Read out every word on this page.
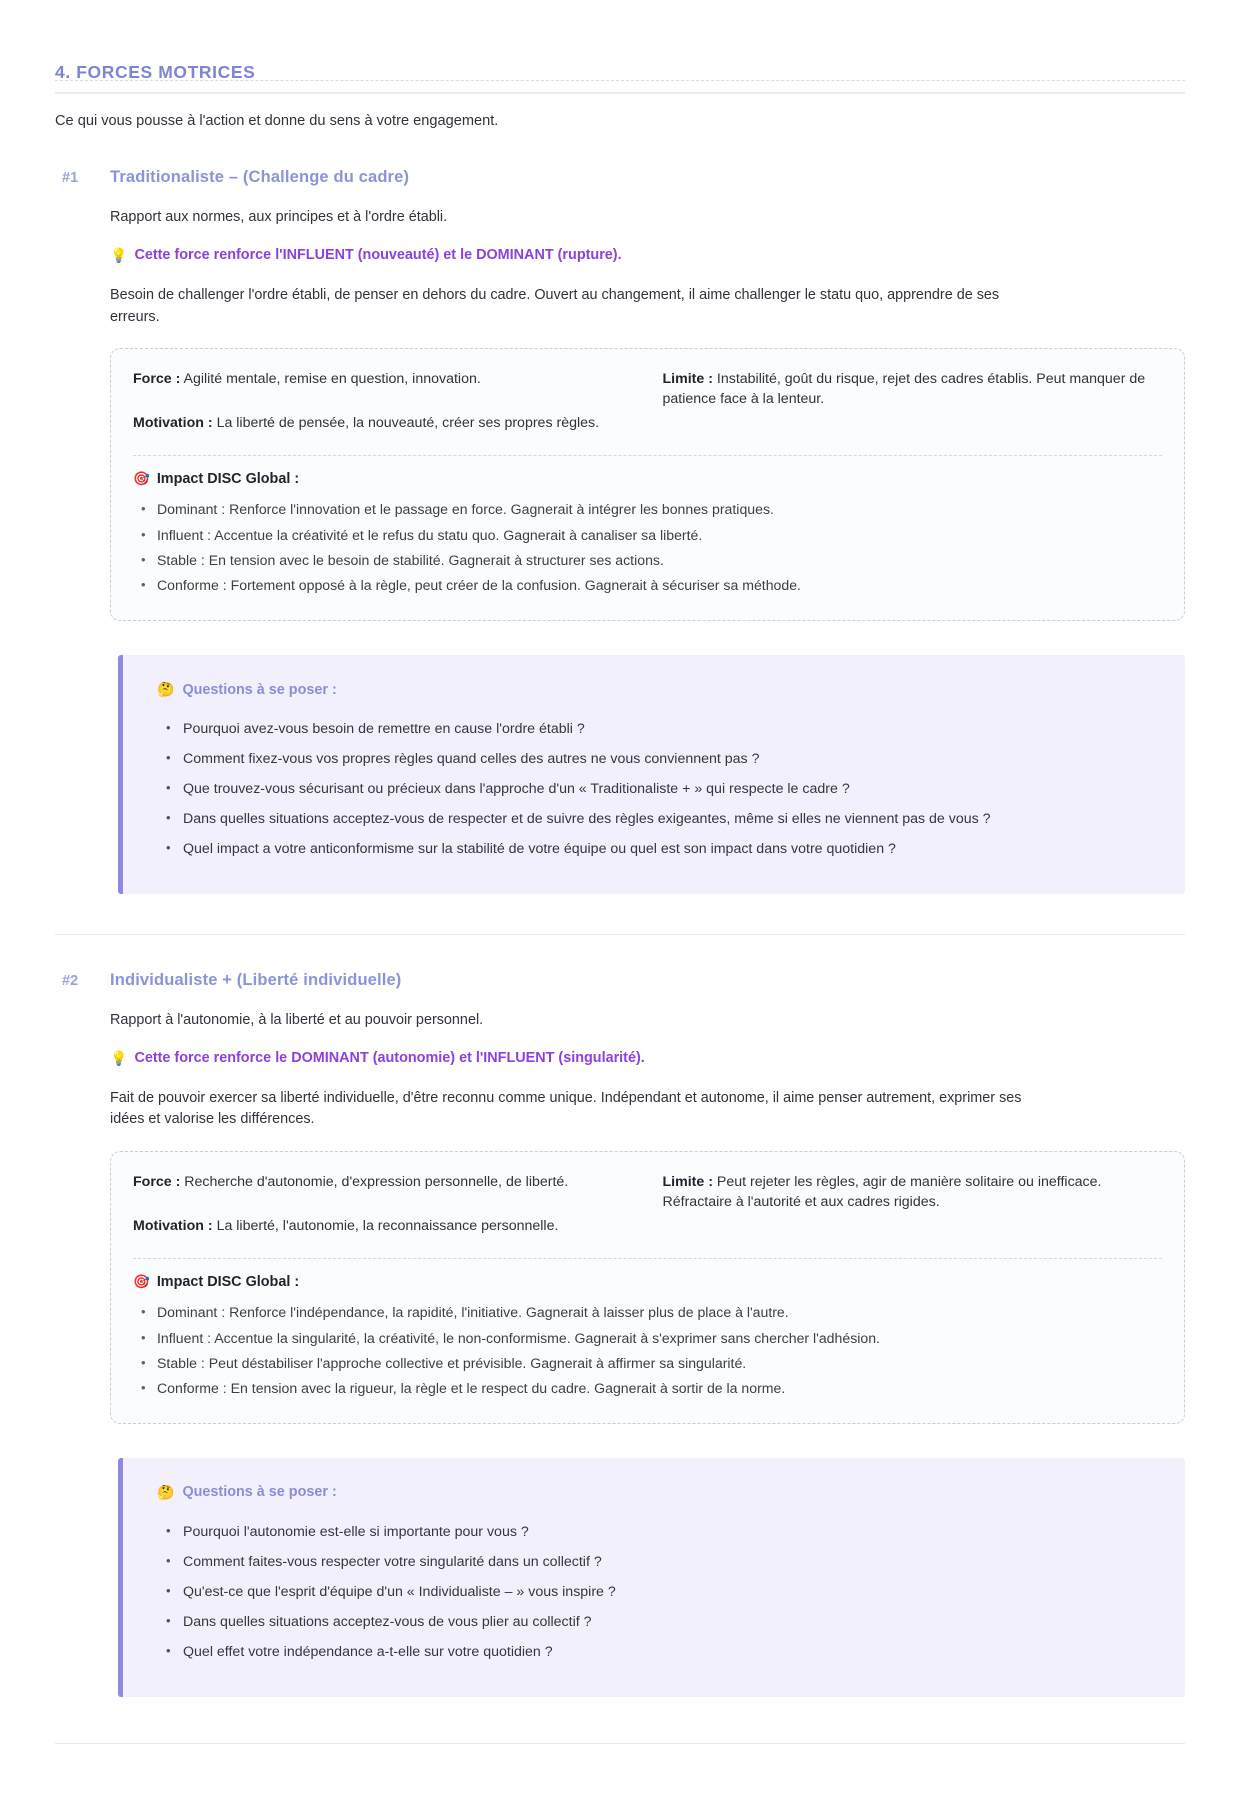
4. FORCES MOTRICES

Ce qui vous pousse à l'action et donne du sens à votre engagement.

#1 Traditionaliste – (Challenge du cadre)

Rapport aux normes, aux principes et à l'ordre établi.

💡 Cette force renforce l'INFLUENT (nouveauté) et le DOMINANT (rupture).

Besoin de challenger l'ordre établi, de penser en dehors du cadre. Ouvert au changement, il aime challenger le statu quo, apprendre de ses erreurs.

Force : Agilité mentale, remise en question, innovation.

Motivation : La liberté de pensée, la nouveauté, créer ses propres règles.

Limite : Instabilité, goût du risque, rejet des cadres établis. Peut manquer de patience face à la lenteur.

🎯 Impact DISC Global :

• Dominant : Renforce l'innovation et le passage en force. Gagnerait à intégrer les bonnes pratiques.
• Influent : Accentue la créativité et le refus du statu quo. Gagnerait à canaliser sa liberté.
• Stable : En tension avec le besoin de stabilité. Gagnerait à structurer ses actions.
• Conforme : Fortement opposé à la règle, peut créer de la confusion. Gagnerait à sécuriser sa méthode.

🤔 Questions à se poser :

• Pourquoi avez-vous besoin de remettre en cause l'ordre établi ?
• Comment fixez-vous vos propres règles quand celles des autres ne vous conviennent pas ?
• Que trouvez-vous sécurisant ou précieux dans l'approche d'un « Traditionaliste + » qui respecte le cadre ?
• Dans quelles situations acceptez-vous de respecter et de suivre des règles exigeantes, même si elles ne viennent pas de vous ?
• Quel impact a votre anticonformisme sur la stabilité de votre équipe ou quel est son impact dans votre quotidien ?
#2 Individualiste + (Liberté individuelle)

Rapport à l'autonomie, à la liberté et au pouvoir personnel.

💡 Cette force renforce le DOMINANT (autonomie) et l'INFLUENT (singularité).

Fait de pouvoir exercer sa liberté individuelle, d'être reconnu comme unique. Indépendant et autonome, il aime penser autrement, exprimer ses idées et valorise les différences.

Force : Recherche d'autonomie, d'expression personnelle, de liberté.

Motivation : La liberté, l'autonomie, la reconnaissance personnelle.

Limite : Peut rejeter les règles, agir de manière solitaire ou inefficace. Réfractaire à l'autorité et aux cadres rigides.

🎯 Impact DISC Global :

• Dominant : Renforce l'indépendance, la rapidité, l'initiative. Gagnerait à laisser plus de place à l'autre.
• Influent : Accentue la singularité, la créativité, le non-conformisme. Gagnerait à s'exprimer sans chercher l'adhésion.
• Stable : Peut déstabiliser l'approche collective et prévisible. Gagnerait à affirmer sa singularité.
• Conforme : En tension avec la rigueur, la règle et le respect du cadre. Gagnerait à sortir de la norme.

🤔 Questions à se poser :

• Pourquoi l'autonomie est-elle si importante pour vous ?
• Comment faites-vous respecter votre singularité dans un collectif ?
• Qu'est-ce que l'esprit d'équipe d'un « Individualiste – » vous inspire ?
• Dans quelles situations acceptez-vous de vous plier au collectif ?
• Quel effet votre indépendance a-t-elle sur votre quotidien ?
